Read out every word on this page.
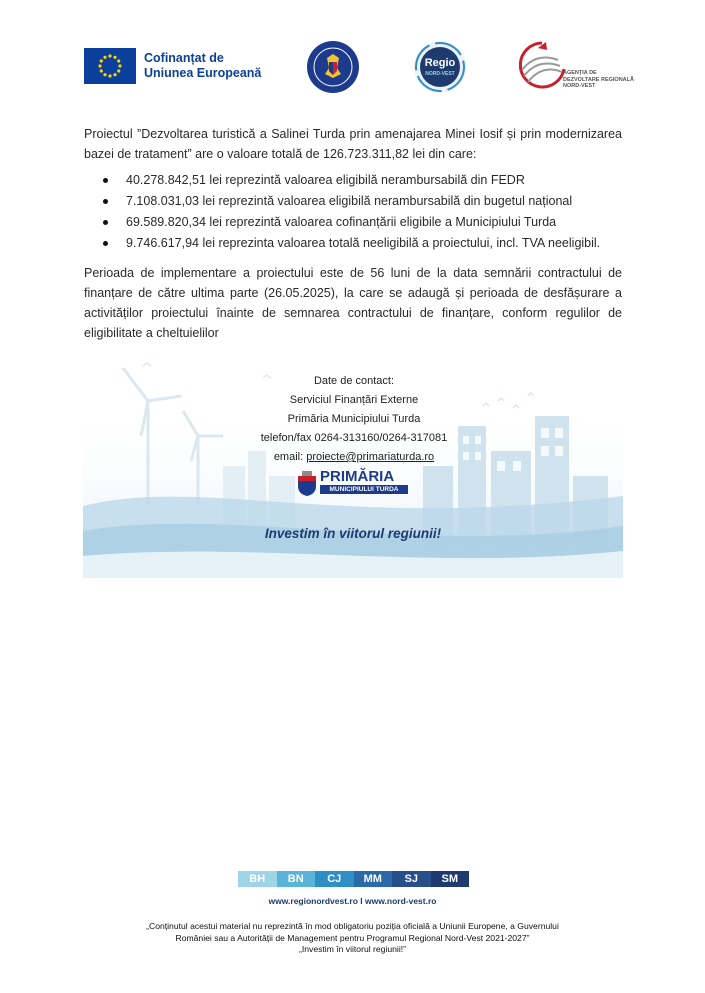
Cofinanțat de
Uniunea Europeană
Regio
NORD-VEST	AGENȚIA DE
DEZVOLTARE REGIONALĂ
NORD-VEST
Proiectul ”Dezvoltarea turistică a Salinei Turda prin amenajarea Minei Iosif și prin modernizarea bazei de tratament” are o valoare totală de 126.723.311,82 lei din care:
40.278.842,51 lei reprezintă valoarea eligibilă nerambursabilă din FEDR
7.108.031,03 lei reprezintă valoarea eligibilă nerambursabilă din bugetul național
69.589.820,34 lei reprezintă valoarea cofinanțării eligibile a Municipiului Turda
9.746.617,94 lei reprezinta valoarea totală neeligibilă a proiectului, incl. TVA neeligibil.
Perioada de implementare a proiectului este de 56 luni de la data semnării contractului de finanțare de către ultima parte (26.05.2025), la care se adaugă și perioada de desfășurare a activităților proiectului înainte de semnarea contractului de finanțare, conform regulilor de eligibilitate a cheltuielilor
Date de contact:
Serviciul Finanțări Externe
Primăria Municipiului Turda
telefon/fax 0264-313160/0264-317081
email: proiecte@primariaturda.ro
PRIMĂRIA
MUNICIPIULUI TURDA
Investim în viitorul regiunii!
BH	BN	CJ	MM	SJ	SM
www.regionordvest.ro I www.nord-vest.ro
„Conținutul acestui material nu reprezintă în mod obligatoriu poziția oficială a Uniunii Europene, a Guvernului
României sau a Autorității de Management pentru Programul Regional Nord-Vest 2021-2027”
„Investim în viitorul regiunii!”
